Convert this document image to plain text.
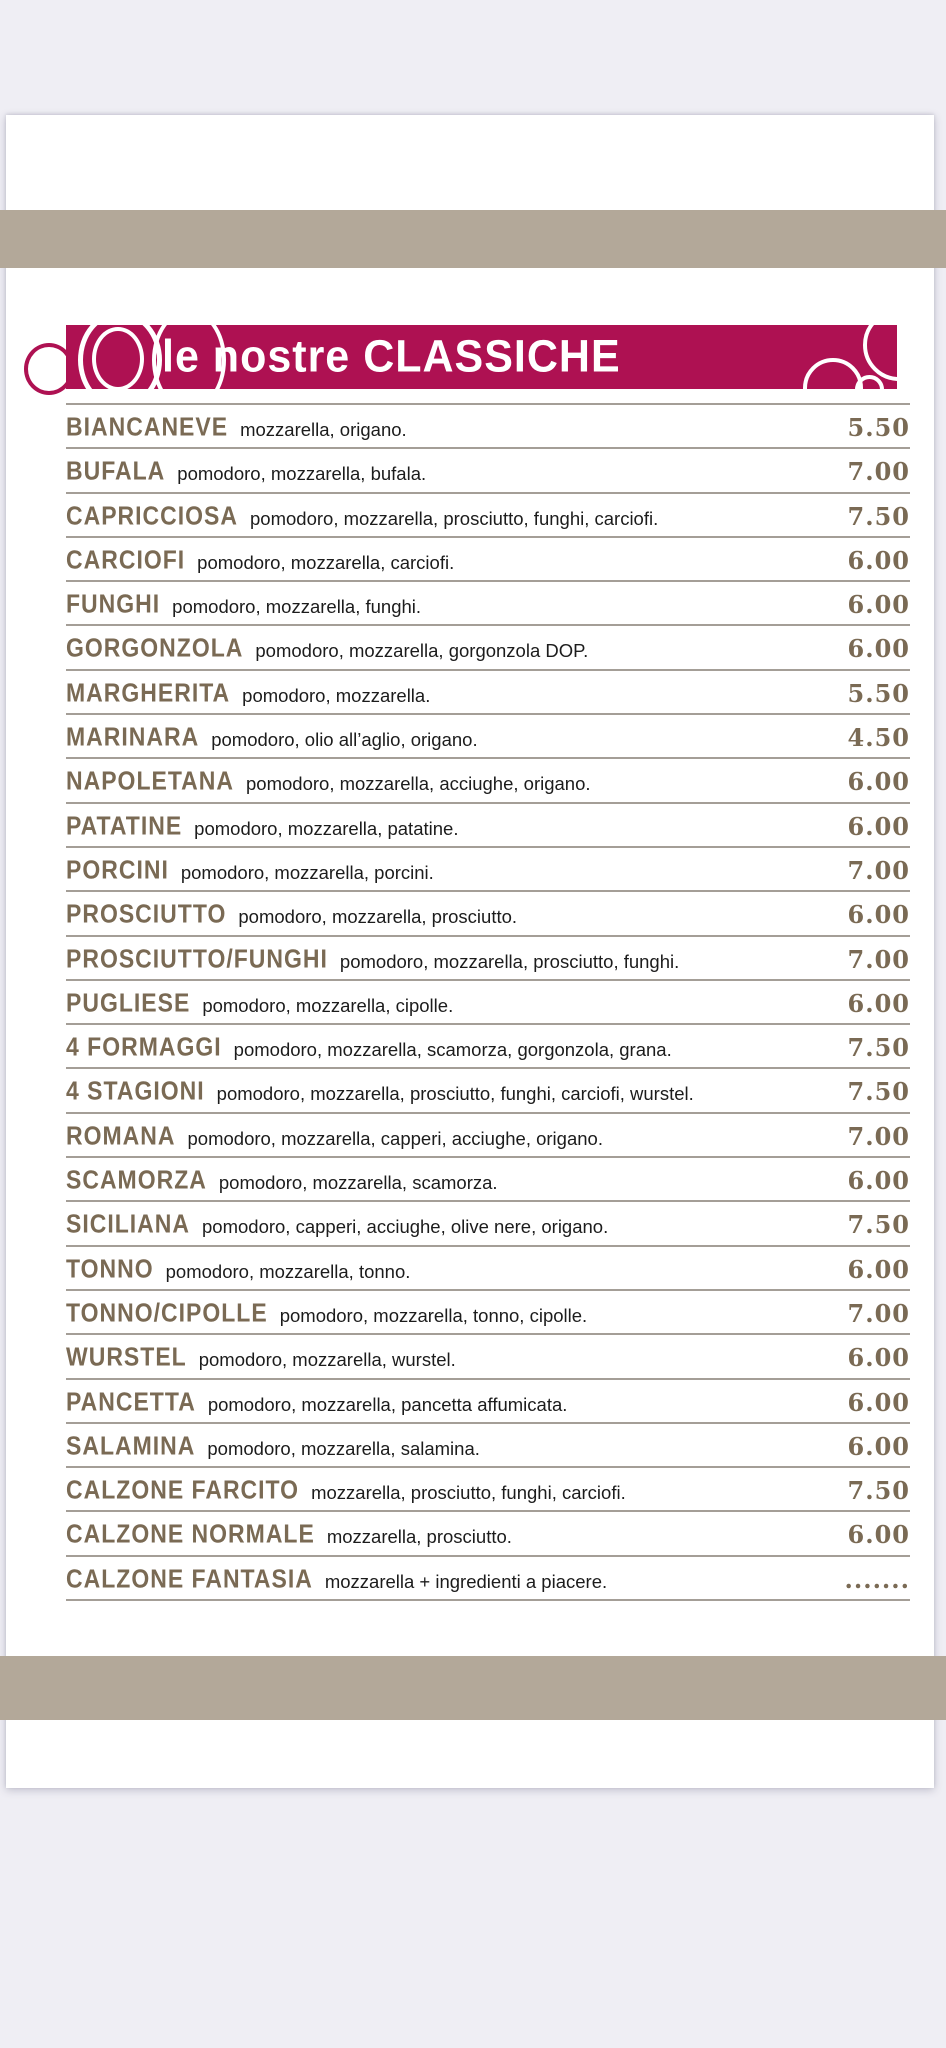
le nostre CLASSICHE
BIANCANEVE mozzarella, origano.	5.50
BUFALA pomodoro, mozzarella, bufala.	7.00
CAPRICCIOSA pomodoro, mozzarella, prosciutto, funghi, carciofi.	7.50
CARCIOFI pomodoro, mozzarella, carciofi.	6.00
FUNGHI pomodoro, mozzarella, funghi.	6.00
GORGONZOLA pomodoro, mozzarella, gorgonzola DOP.	6.00
MARGHERITA pomodoro, mozzarella.	5.50
MARINARA pomodoro, olio all’aglio, origano.	4.50
NAPOLETANA pomodoro, mozzarella, acciughe, origano.	6.00
PATATINE pomodoro, mozzarella, patatine.	6.00
PORCINI pomodoro, mozzarella, porcini.	7.00
PROSCIUTTO pomodoro, mozzarella, prosciutto.	6.00
PROSCIUTTO/FUNGHI pomodoro, mozzarella, prosciutto, funghi.	7.00
PUGLIESE pomodoro, mozzarella, cipolle.	6.00
4 FORMAGGI pomodoro, mozzarella, scamorza, gorgonzola, grana.	7.50
4 STAGIONI pomodoro, mozzarella, prosciutto, funghi, carciofi, wurstel.	7.50
ROMANA pomodoro, mozzarella, capperi, acciughe, origano.	7.00
SCAMORZA pomodoro, mozzarella, scamorza.	6.00
SICILIANA pomodoro, capperi, acciughe, olive nere, origano.	7.50
TONNO pomodoro, mozzarella, tonno.	6.00
TONNO/CIPOLLE pomodoro, mozzarella, tonno, cipolle.	7.00
WURSTEL pomodoro, mozzarella, wurstel.	6.00
PANCETTA pomodoro, mozzarella, pancetta affumicata.	6.00
SALAMINA pomodoro, mozzarella, salamina.	6.00
CALZONE FARCITO mozzarella, prosciutto, funghi, carciofi.	7.50
CALZONE NORMALE mozzarella, prosciutto.	6.00
CALZONE FANTASIA mozzarella + ingredienti a piacere.	.......
